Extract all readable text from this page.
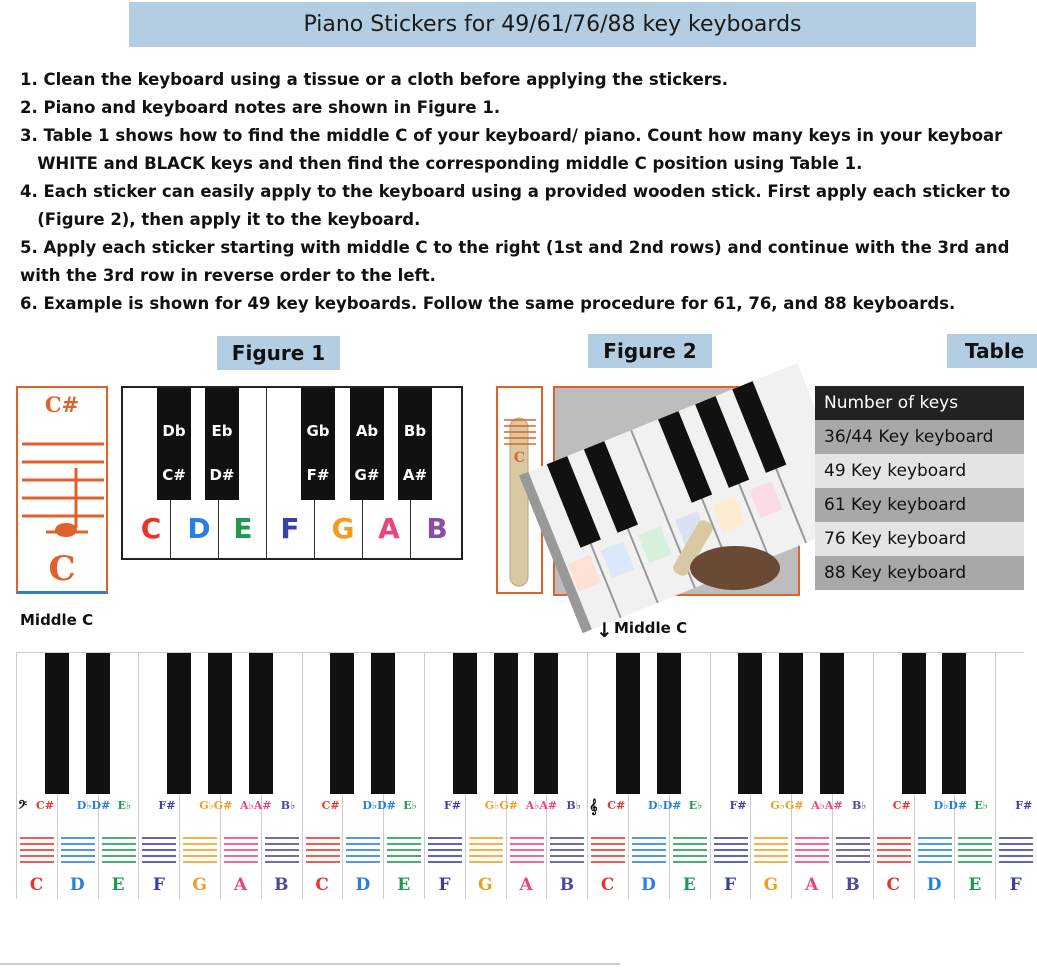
Piano Stickers for 49/61/76/88 key keyboards
1. Clean the keyboard using a tissue or a cloth before applying the stickers.
2. Piano and keyboard notes are shown in Figure 1.
3. Table 1 shows how to find the middle C of your keyboard/ piano. Count how many keys in your keyboar
WHITE and BLACK keys and then find the corresponding middle C position using Table 1.
4. Each sticker can easily apply to the keyboard using a provided wooden stick. First apply each sticker to
(Figure 2), then apply it to the keyboard.
5. Apply each sticker starting with middle C to the right (1st and 2nd rows) and continue with the 3rd and
with the 3rd row in reverse order to the left.
6. Example is shown for 49 key keyboards. Follow the same procedure for 61, 76, and 88 keyboards.
Figure 1	Figure 2	Table
C#
C
Db
C#
Eb
D#
Gb
F#
Ab
G#
Bb
A#
C D E F	G A B
C
Number of keys
36/44 Key keyboard
49 Key keyboard
61 Key keyboard
76 Key keyboard
88 Key keyboard
Middle C	↓ Middle C
C	D	E	F	G	A	B	C	D	E	F	G	A	B	C	D	E	F	G	A	B	C	D	E	F
C# D♭D# E♭ F# G♭G# A♭A# B♭ C# D♭D# E♭ F# G♭G# A♭A# B♭ C# D♭D# E♭ F# G♭G# A♭A# B♭ C# D♭D# E♭ F#
𝄢	𝄞
